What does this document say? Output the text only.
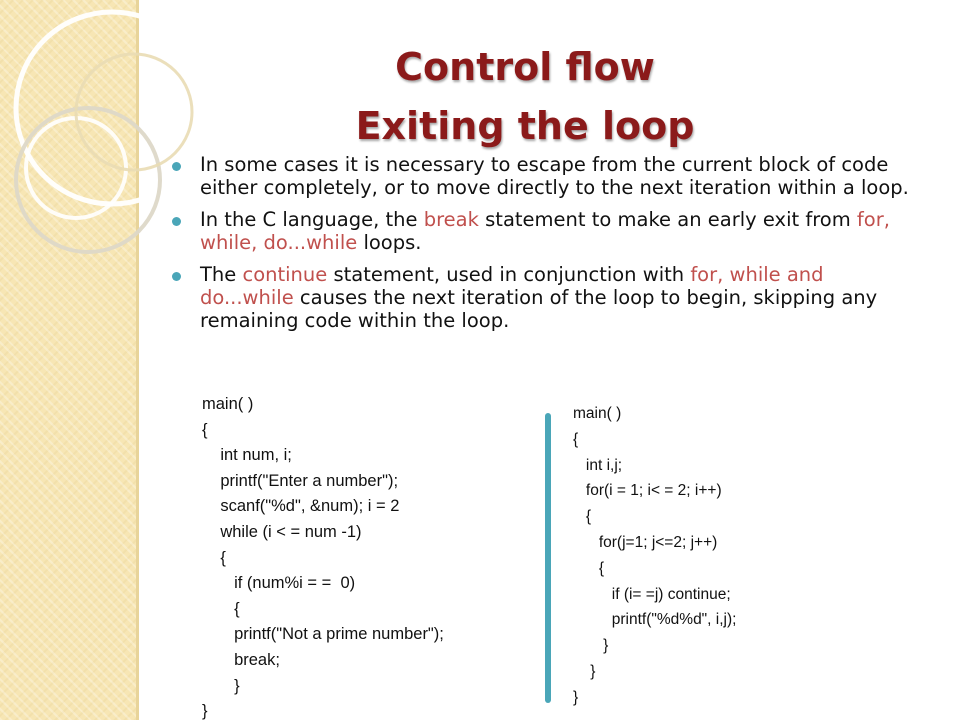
Control flow
Exiting the loop
In some cases it is necessary to escape from the current block of code either completely, or to move directly to the next iteration within a loop.
In the C language, the break statement to make an early exit from for, while, do...while loops.
The continue statement, used in conjunction with for, while and do...while causes the next iteration of the loop to begin, skipping any remaining code within the loop.
main( )
{
int num, i;
printf("Enter a number");
scanf("%d", &num); i = 2
while (i < = num -1)
{
if (num%i = =  0)
{
printf("Not a prime number");
break;
}
}
main( )
{
int i,j;
for(i = 1; i< = 2; i++)
{
for(j=1; j<=2; j++)
{
if (i= =j) continue;
printf("%d%d", i,j);
}
}
}
